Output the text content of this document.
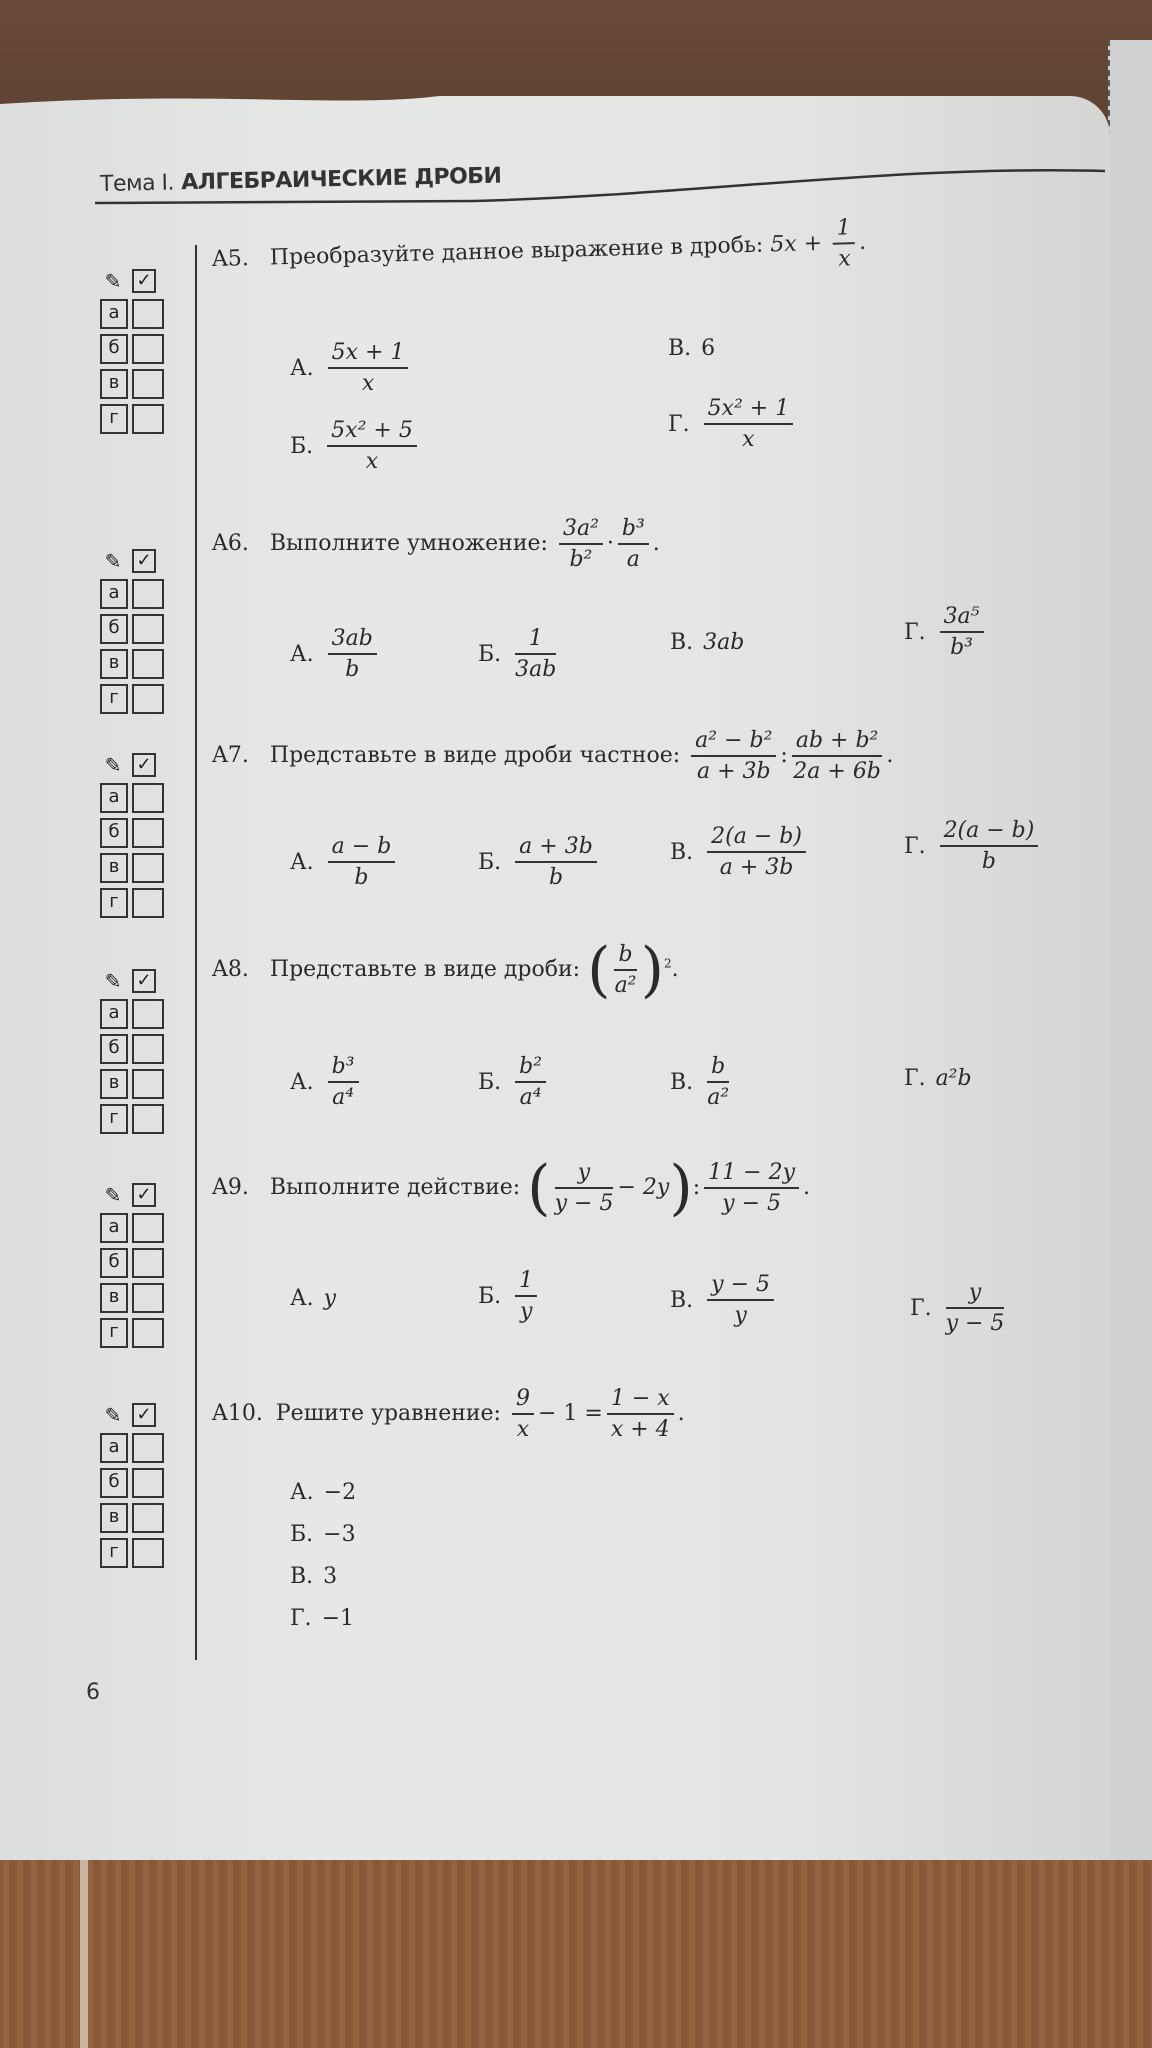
Тема I. АЛГЕБРАИЧЕСКИЕ ДРОБИ
✎ ✓
а
б
в
г
✎ ✓
а
б
в
г
✎ ✓
а
б
в
г
✎ ✓
а
б
в
г
✎ ✓
а
б
в
г
✎ ✓
а
б
в
г
A5. Преобразуйте данное выражение в дробь: $5x + \frac{1}{x}$ .
А. $\frac{5x + 1}{x}$
Б. $\frac{\text{5x² + 5}}{x}$
В. 6
Г. $\frac{\text{5x² + 1}}{x}$
A6. Выполните умножение: $\frac{\text{3a²}}{\text{b²}} \cdot \frac{\text{b³}}{a}$ .
А. $\frac{3ab}{b}$	Б. $\frac{1}{3ab}$	В. 3ab	Г. $\frac{\text{3a⁵}}{\text{b³}}$
A7. Представьте в виде дроби частное: $\frac{\text{a² − b²}}{a + 3b}$ : $\frac{\text{ab + b²}}{2a + 6b}$ .
А. $\frac{a - b}{b}$	Б. $\frac{a + 3b}{b}$	В. $\frac{2(a - b)}{a + 3b}$	Г. $\frac{2(a - b)}{b}$
A8. Представьте в виде дроби: ( $\frac{b}{\text{a²}} )^2$.
А. $\frac{\text{b³}}{\text{a⁴}}$	Б. $\frac{\text{b²}}{\text{a⁴}}$	В. $\frac{b}{\text{a²}}$	Г. a²b
A9. Выполните действие: ( $\frac{y}{y - 5} - 2y$): $\frac{11 - 2y}{y - 5}$ .
А. y	Б. $\frac{1}{y}$	В. $\frac{y - 5}{y}$	Г. $\frac{y}{y - 5}$
A10. Решите уравнение: $\frac{9}{x} - 1 = \frac{1 - x}{x + 4}$ .
А. −2
Б. −3
В. 3
Г. −1
6
